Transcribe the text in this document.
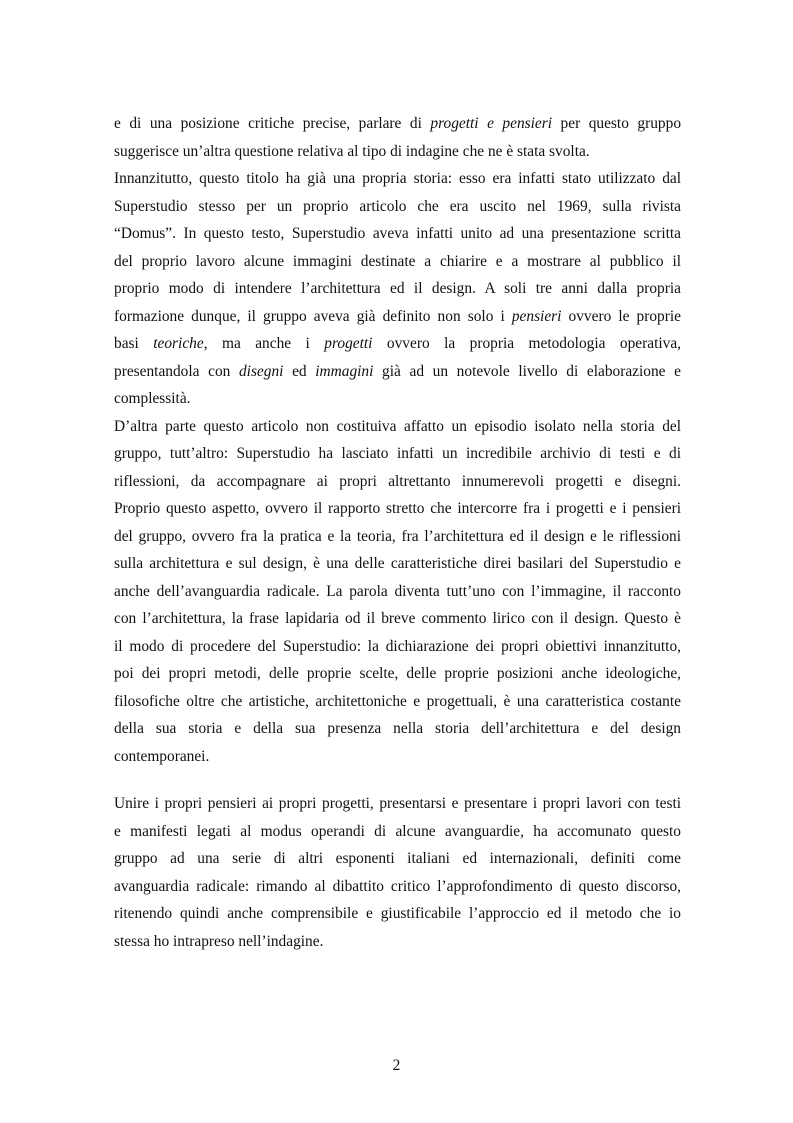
e di una posizione critiche precise, parlare di progetti e pensieri per questo gruppo
suggerisce un’altra questione relativa al tipo di indagine che ne è stata svolta.
Innanzitutto, questo titolo ha già una propria storia: esso era infatti stato utilizzato dal
Superstudio stesso per un proprio articolo che era uscito nel 1969, sulla rivista
“Domus”. In questo testo, Superstudio aveva infatti unito ad una presentazione scritta
del proprio lavoro alcune immagini destinate a chiarire e a mostrare al pubblico il
proprio modo di intendere l’architettura ed il design. A soli tre anni dalla propria
formazione dunque, il gruppo aveva già definito non solo i pensieri ovvero le proprie
basi teoriche, ma anche i progetti ovvero la propria metodologia operativa,
presentandola con disegni ed immagini già ad un notevole livello di elaborazione e
complessità.
D’altra parte questo articolo non costituiva affatto un episodio isolato nella storia del
gruppo, tutt’altro: Superstudio ha lasciato infatti un incredibile archivio di testi e di
riflessioni, da accompagnare ai propri altrettanto innumerevoli progetti e disegni.
Proprio questo aspetto, ovvero il rapporto stretto che intercorre fra i progetti e i pensieri
del gruppo, ovvero fra la pratica e la teoria, fra l’architettura ed il design e le riflessioni
sulla architettura e sul design, è una delle caratteristiche direi basilari del Superstudio e
anche dell’avanguardia radicale. La parola diventa tutt’uno con l’immagine, il racconto
con l’architettura, la frase lapidaria od il breve commento lirico con il design. Questo è
il modo di procedere del Superstudio: la dichiarazione dei propri obiettivi innanzitutto,
poi dei propri metodi, delle proprie scelte, delle proprie posizioni anche ideologiche,
filosofiche oltre che artistiche, architettoniche e progettuali, è una caratteristica costante
della sua storia e della sua presenza nella storia dell’architettura e del design
contemporanei.
Unire i propri pensieri ai propri progetti, presentarsi e presentare i propri lavori con testi
e manifesti legati al modus operandi di alcune avanguardie, ha accomunato questo
gruppo ad una serie di altri esponenti italiani ed internazionali, definiti come
avanguardia radicale: rimando al dibattito critico l’approfondimento di questo discorso,
ritenendo quindi anche comprensibile e giustificabile l’approccio ed il metodo che io
stessa ho intrapreso nell’indagine.
2
